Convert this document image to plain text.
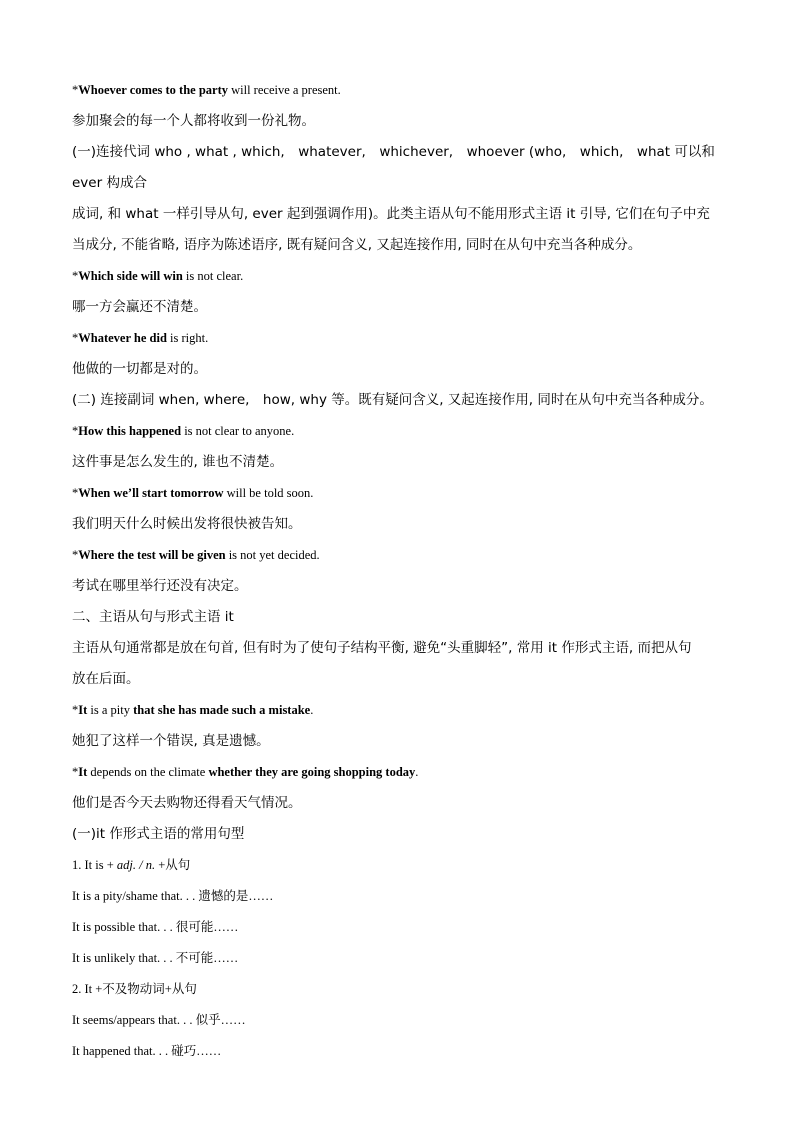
*Whoever comes to the party will receive a present.

参加聚会的每一个人都将收到一份礼物。

(一)连接代词 who , what , which,　whatever,　whichever,　whoever (who,　which,　what 可以和 ever 构成合
成词, 和 what 一样引导从句, ever 起到强调作用)。此类主语从句不能用形式主语 it 引导, 它们在句子中充
当成分, 不能省略, 语序为陈述语序, 既有疑问含义, 又起连接作用, 同时在从句中充当各种成分。

*Which side will win is not clear.

哪一方会赢还不清楚。

*Whatever he did is right.

他做的一切都是对的。

(二) 连接副词 when, where,　how, why 等。既有疑问含义, 又起连接作用, 同时在从句中充当各种成分。

*How this happened is not clear to anyone.

这件事是怎么发生的, 谁也不清楚。

*When we’ll start tomorrow will be told soon.

我们明天什么时候出发将很快被告知。

*Where the test will be given is not yet decided.

考试在哪里举行还没有决定。

二、主语从句与形式主语 it

主语从句通常都是放在句首, 但有时为了使句子结构平衡, 避免“头重脚轻”, 常用 it 作形式主语, 而把从句
放在后面。

*It is a pity that she has made such a mistake.

她犯了这样一个错误, 真是遗憾。

*It depends on the climate whether they are going shopping today.

他们是否今天去购物还得看天气情况。

(一)it 作形式主语的常用句型

1. It is + adj. / n. +从句

It is a pity/shame that. . . 遗憾的是……

It is possible that. . . 很可能……

It is unlikely that. . . 不可能……

2. It +不及物动词+从句

It seems/appears that. . . 似乎……

It happened that. . . 碰巧……
